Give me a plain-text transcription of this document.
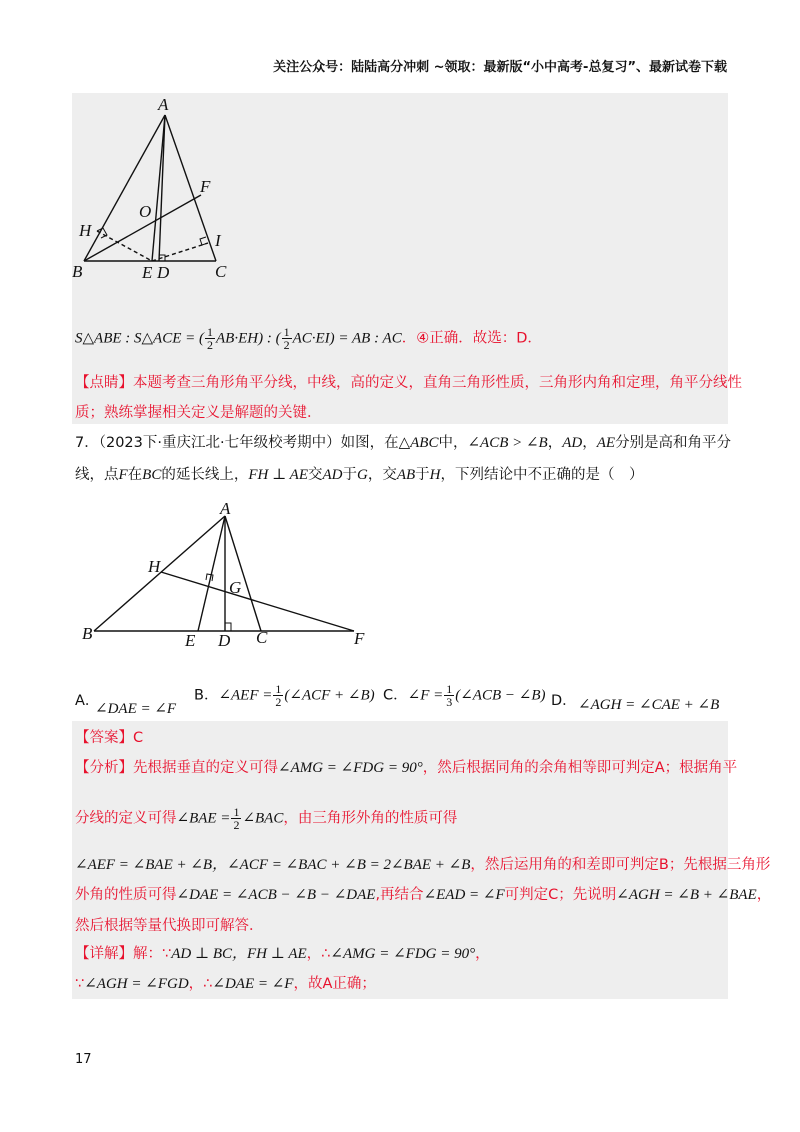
关注公众号：陆陆高分冲刺 ~领取：最新版“小中高考-总复习”、最新试卷下载
A
F
O
H
I
B	E D	C
S△ABE : S△ACE = ( $\frac{1}{2} AB\cdot EH$) : ( $\frac{1}{2} AC\cdot EI$) = AB : AC．④正确．故选：D．
【点睛】本题考查三角形角平分线，中线，高的定义，直角三角形性质，三角形内角和定理，角平分线性
质；熟练掌握相关定义是解题的关键．
7．（2023下·重庆江北·七年级校考期中）如图，在△ABC中，∠ACB > ∠B，AD，AE分别是高和角平分
线，点F在BC的延长线上，FH ⊥ AE交AD于G，交AB于H，下列结论中不正确的是（　）
A
H
G
B	E D C	F
A．
∠DAE = ∠F
B．∠AEF = $\frac{1}{2}$ (∠ACF + ∠B) C．∠F = $\frac{1}{3}$ (∠ACB − ∠B) D． ∠AGH = ∠CAE + ∠B
【答案】C
【分析】先根据垂直的定义可得∠AMG = ∠FDG = 90°，然后根据同角的余角相等即可判定A；根据角平
分线的定义可得∠BAE = $\frac{1}{2}$ ∠BAC，由三角形外角的性质可得
∠AEF = ∠BAE + ∠B，∠ACF = ∠BAC + ∠B = 2∠BAE + ∠B，然后运用角的和差即可判定B；先根据三角形
外角的性质可得∠DAE = ∠ACB − ∠B − ∠DAE,再结合∠EAD = ∠F可判定C；先说明∠AGH = ∠B + ∠BAE，
然后根据等量代换即可解答．
【详解】解：∵AD ⊥ BC，FH ⊥ AE，∴∠AMG = ∠FDG = 90°，
∵∠AGH = ∠FGD，∴∠DAE = ∠F，故A正确；
17
